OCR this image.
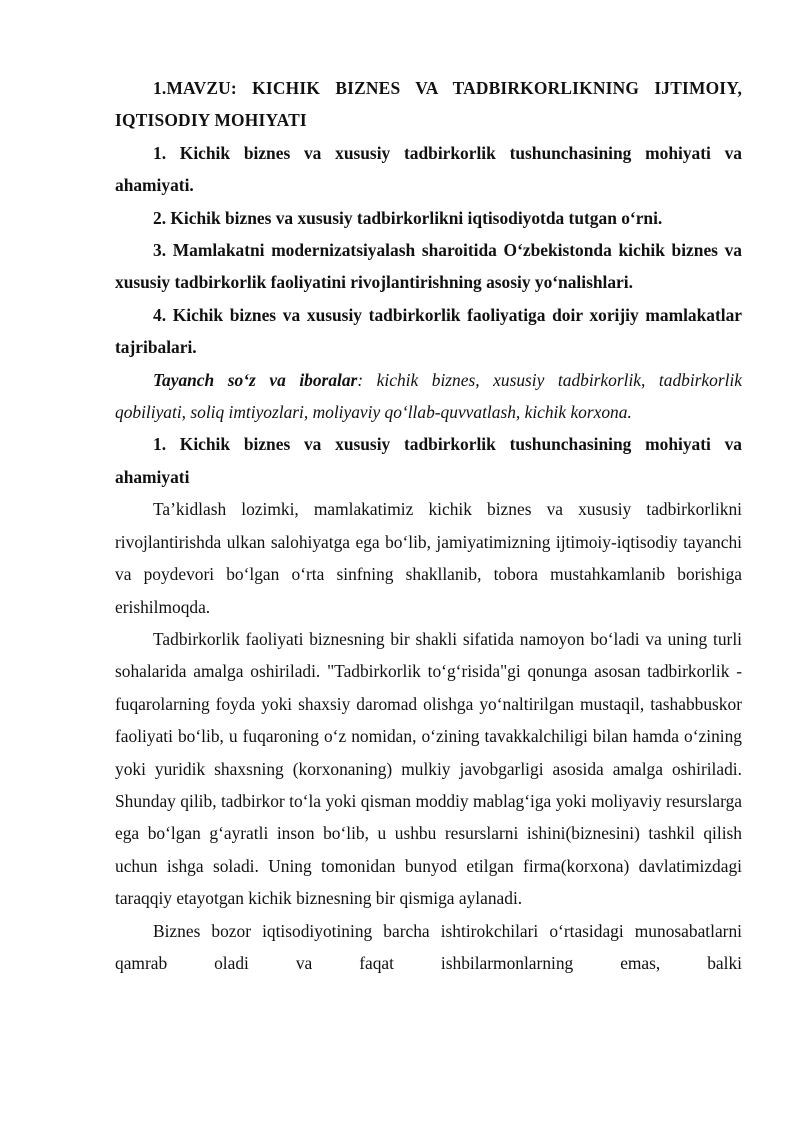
1.MAVZU: KICHIK BIZNES VA TADBIRKORLIKNING IJTIMOIY, IQTISODIY MOHIYATI

1. Kichik biznes va xususiy tadbirkorlik tushunchasining mohiyati va ahamiyati.

2. Kichik biznes va xususiy tadbirkorlikni iqtisodiyotda tutgan o‘rni.

3. Mamlakatni modernizatsiyalash sharoitida O‘zbekistonda kichik biznes va xususiy tadbirkorlik faoliyatini rivojlantirishning asosiy yo‘nalishlari.

4. Kichik biznes va xususiy tadbirkorlik faoliyatiga doir xorijiy mamlakatlar tajribalari.

Tayanch so‘z va iboralar: kichik biznes, xususiy tadbirkorlik, tadbirkorlik qobiliyati, soliq imtiyozlari, moliyaviy qo‘llab-quvvatlash, kichik korxona.

1. Kichik biznes va xususiy tadbirkorlik tushunchasining mohiyati va ahamiyati

Ta’kidlash lozimki, mamlakatimiz kichik biznes va xususiy tadbirkorlikni rivojlantirishda ulkan salohiyatga ega bo‘lib, jamiyatimizning ijtimoiy-iqtisodiy tayanchi va poydevori bo‘lgan o‘rta sinfning shakllanib, tobora mustahkamlanib borishiga erishilmoqda.

Tadbirkorlik faoliyati biznesning bir shakli sifatida namoyon bo‘ladi va uning turli sohalarida amalga oshiriladi. "Tadbirkorlik to‘g‘risida"gi qonunga asosan tadbirkorlik - fuqarolarning foyda yoki shaxsiy daromad olishga yo‘naltirilgan mustaqil, tashabbuskor faoliyati bo‘lib, u fuqaroning o‘z nomidan, o‘zining tavakkalchiligi bilan hamda o‘zining yoki yuridik shaxsning (korxonaning) mulkiy javobgarligi asosida amalga oshiriladi. Shunday qilib, tadbirkor to‘la yoki qisman moddiy mablag‘iga yoki moliyaviy resurslarga ega bo‘lgan g‘ayratli inson bo‘lib, u ushbu resurslarni ishini(biznesini) tashkil qilish uchun ishga soladi. Uning tomonidan bunyod etilgan firma(korxona) davlatimizdagi taraqqiy etayotgan kichik biznesning bir qismiga aylanadi.

Biznes bozor iqtisodiyotining barcha ishtirokchilari o‘rtasidagi munosabatlarni qamrab oladi va faqat ishbilarmonlarning emas, balki
